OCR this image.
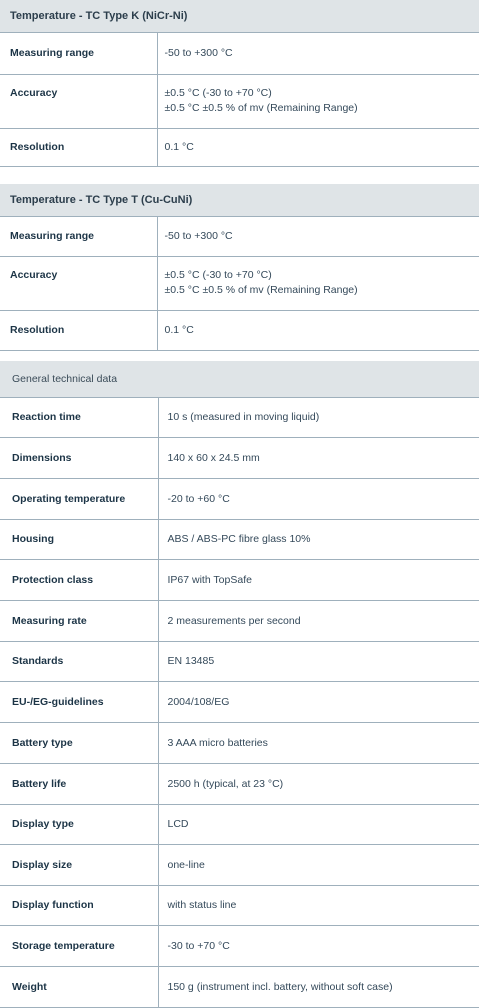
Temperature - TC Type K (NiCr-Ni)	
Measuring range	-50 to +300 °C

Accuracy	±0.5 °C (-30 to +70 °C)
±0.5 °C ±0.5 % of mv (Remaining Range)

Resolution	0.1 °C
Temperature - TC Type T (Cu-CuNi)	
Measuring range	-50 to +300 °C

Accuracy	±0.5 °C (-30 to +70 °C)
±0.5 °C ±0.5 % of mv (Remaining Range)

Resolution	0.1 °C
General technical data	
Reaction time	10 s (measured in moving liquid)
Dimensions	140 x 60 x 24.5 mm
Operating temperature	-20 to +60 °C
Housing	ABS / ABS-PC fibre glass 10%
Protection class	IP67 with TopSafe
Measuring rate	2 measurements per second
Standards	EN 13485
EU-/EG-guidelines	2004/108/EG
Battery type	3 AAA micro batteries
Battery life	2500 h (typical, at 23 °C)
Display type	LCD
Display size	one-line
Display function	with status line
Storage temperature	-30 to +70 °C
Weight	150 g (instrument incl. battery, without soft case)
